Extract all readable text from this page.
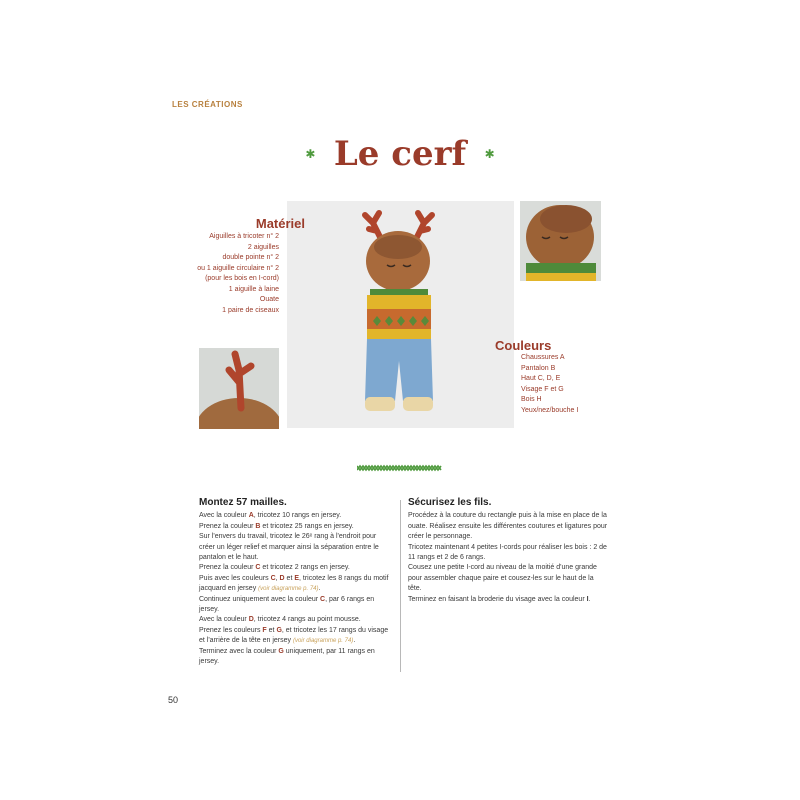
LES CRÉATIONS
✱ Le cerf ✱
Matériel
Aiguilles à tricoter n° 2
2 aiguilles
double pointe n° 2
ou 1 aiguille circulaire n° 2
(pour les bois en I-cord)
1 aiguille à laine
Ouate
1 paire de ciseaux
Couleurs
Chaussures A
Pantalon B
Haut C, D, E
Visage F et G
Bois H
Yeux/nez/bouche I
Montez 57 mailles.

Avec la couleur A, tricotez 10 rangs en jersey.

Prenez la couleur B et tricotez 25 rangs en jersey.

Sur l'envers du travail, tricotez le 26ᵉ rang à l'endroit pour créer un léger relief et marquer ainsi la séparation entre le pantalon et le haut.

Prenez la couleur C et tricotez 2 rangs en jersey.

Puis avec les couleurs C, D et E, tricotez les 8 rangs du motif jacquard en jersey (voir diagramme p. 74).

Continuez uniquement avec la couleur C, par 6 rangs en jersey.

Avec la couleur D, tricotez 4 rangs au point mousse.

Prenez les couleurs F et G, et tricotez les 17 rangs du visage et l'arrière de la tête en jersey (voir diagramme p. 74).

Terminez avec la couleur G uniquement, par 11 rangs en jersey.

Sécurisez les fils.

Procédez à la couture du rectangle puis à la mise en place de la ouate. Réalisez ensuite les différentes coutures et ligatures pour créer le personnage.

Tricotez maintenant 4 petites I-cords pour réaliser les bois : 2 de 11 rangs et 2 de 6 rangs.

Cousez une petite I-cord au niveau de la moitié d'une grande pour assembler chaque paire et cousez-les sur le haut de la tête.

Terminez en faisant la broderie du visage avec la couleur I.

50
